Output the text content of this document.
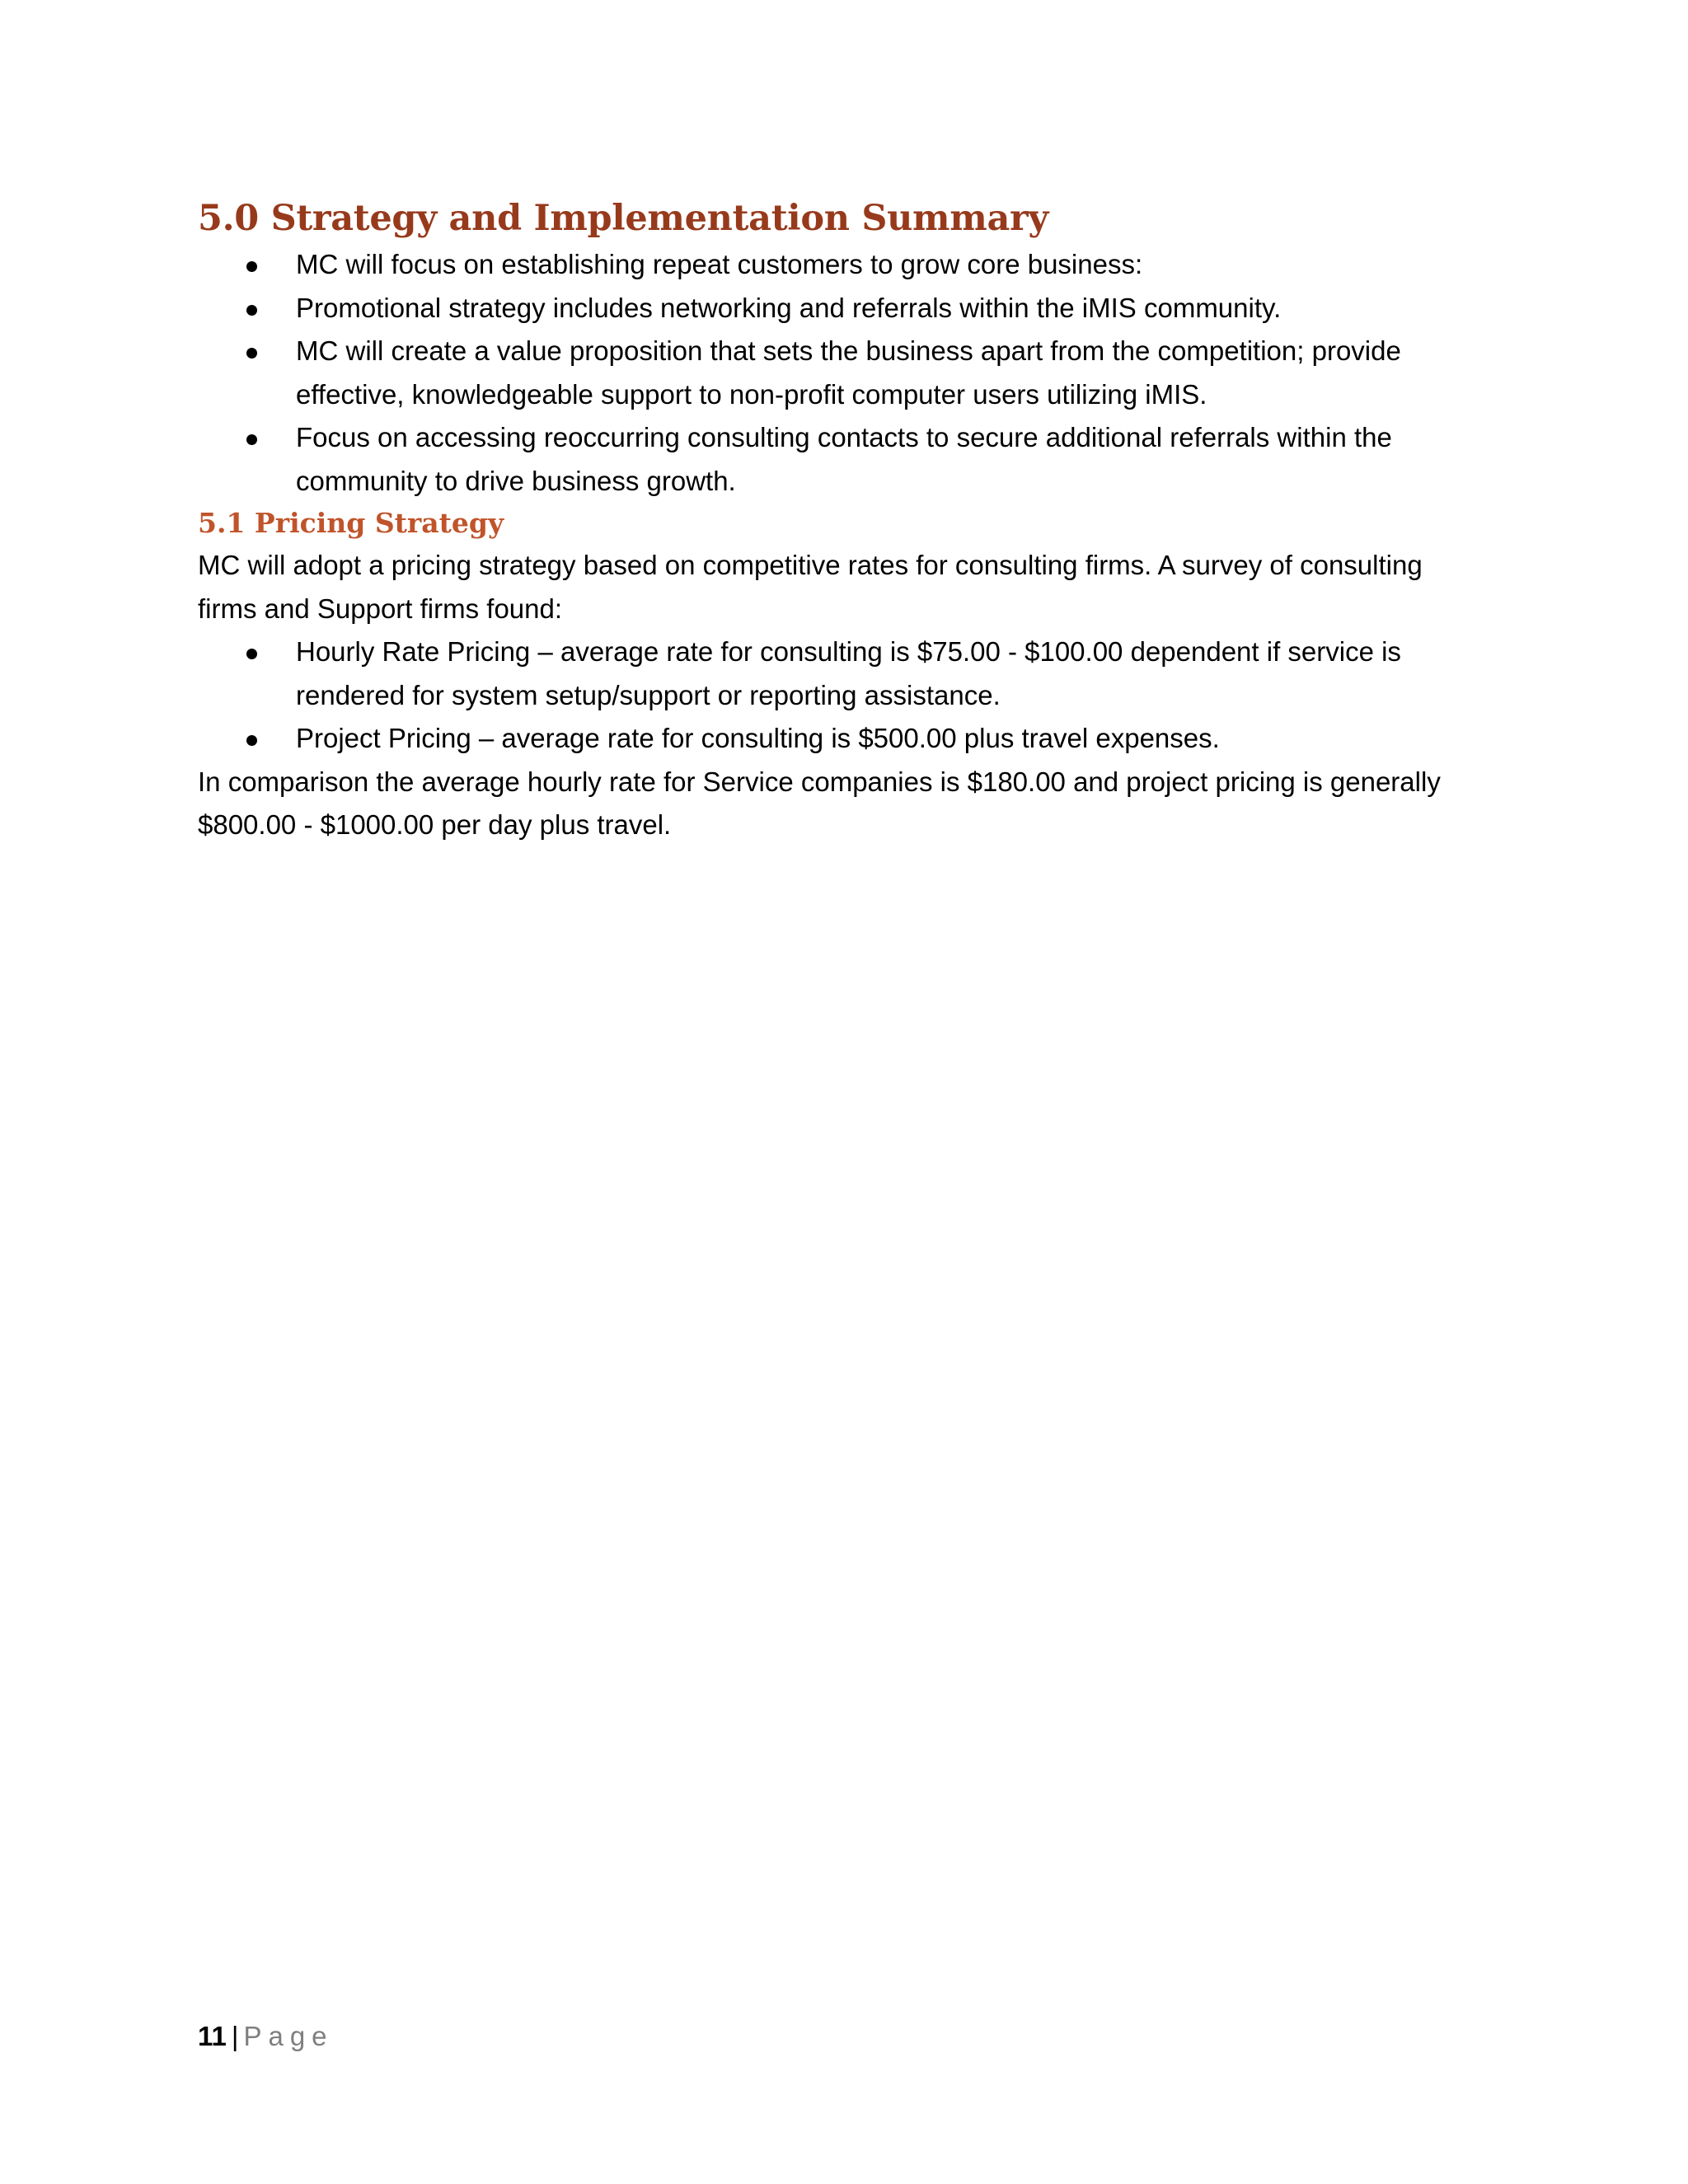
5.0 Strategy and Implementation Summary
MC will focus on establishing repeat customers to grow core business:
Promotional strategy includes networking and referrals within the iMIS community.
MC will create a value proposition that sets the business apart from the competition; provide effective, knowledgeable support to non-profit computer users utilizing iMIS.
Focus on accessing reoccurring consulting contacts to secure additional referrals within the community to drive business growth.
5.1 Pricing Strategy

MC will adopt a pricing strategy based on competitive rates for consulting firms. A survey of consulting firms and Support firms found:

Hourly Rate Pricing – average rate for consulting is $75.00 - $100.00 dependent if service is rendered for system setup/support or reporting assistance.
Project Pricing – average rate for consulting is $500.00 plus travel expenses.

In comparison the average hourly rate for Service companies is $180.00 and project pricing is generally $800.00 - $1000.00 per day plus travel.

11 | Page
